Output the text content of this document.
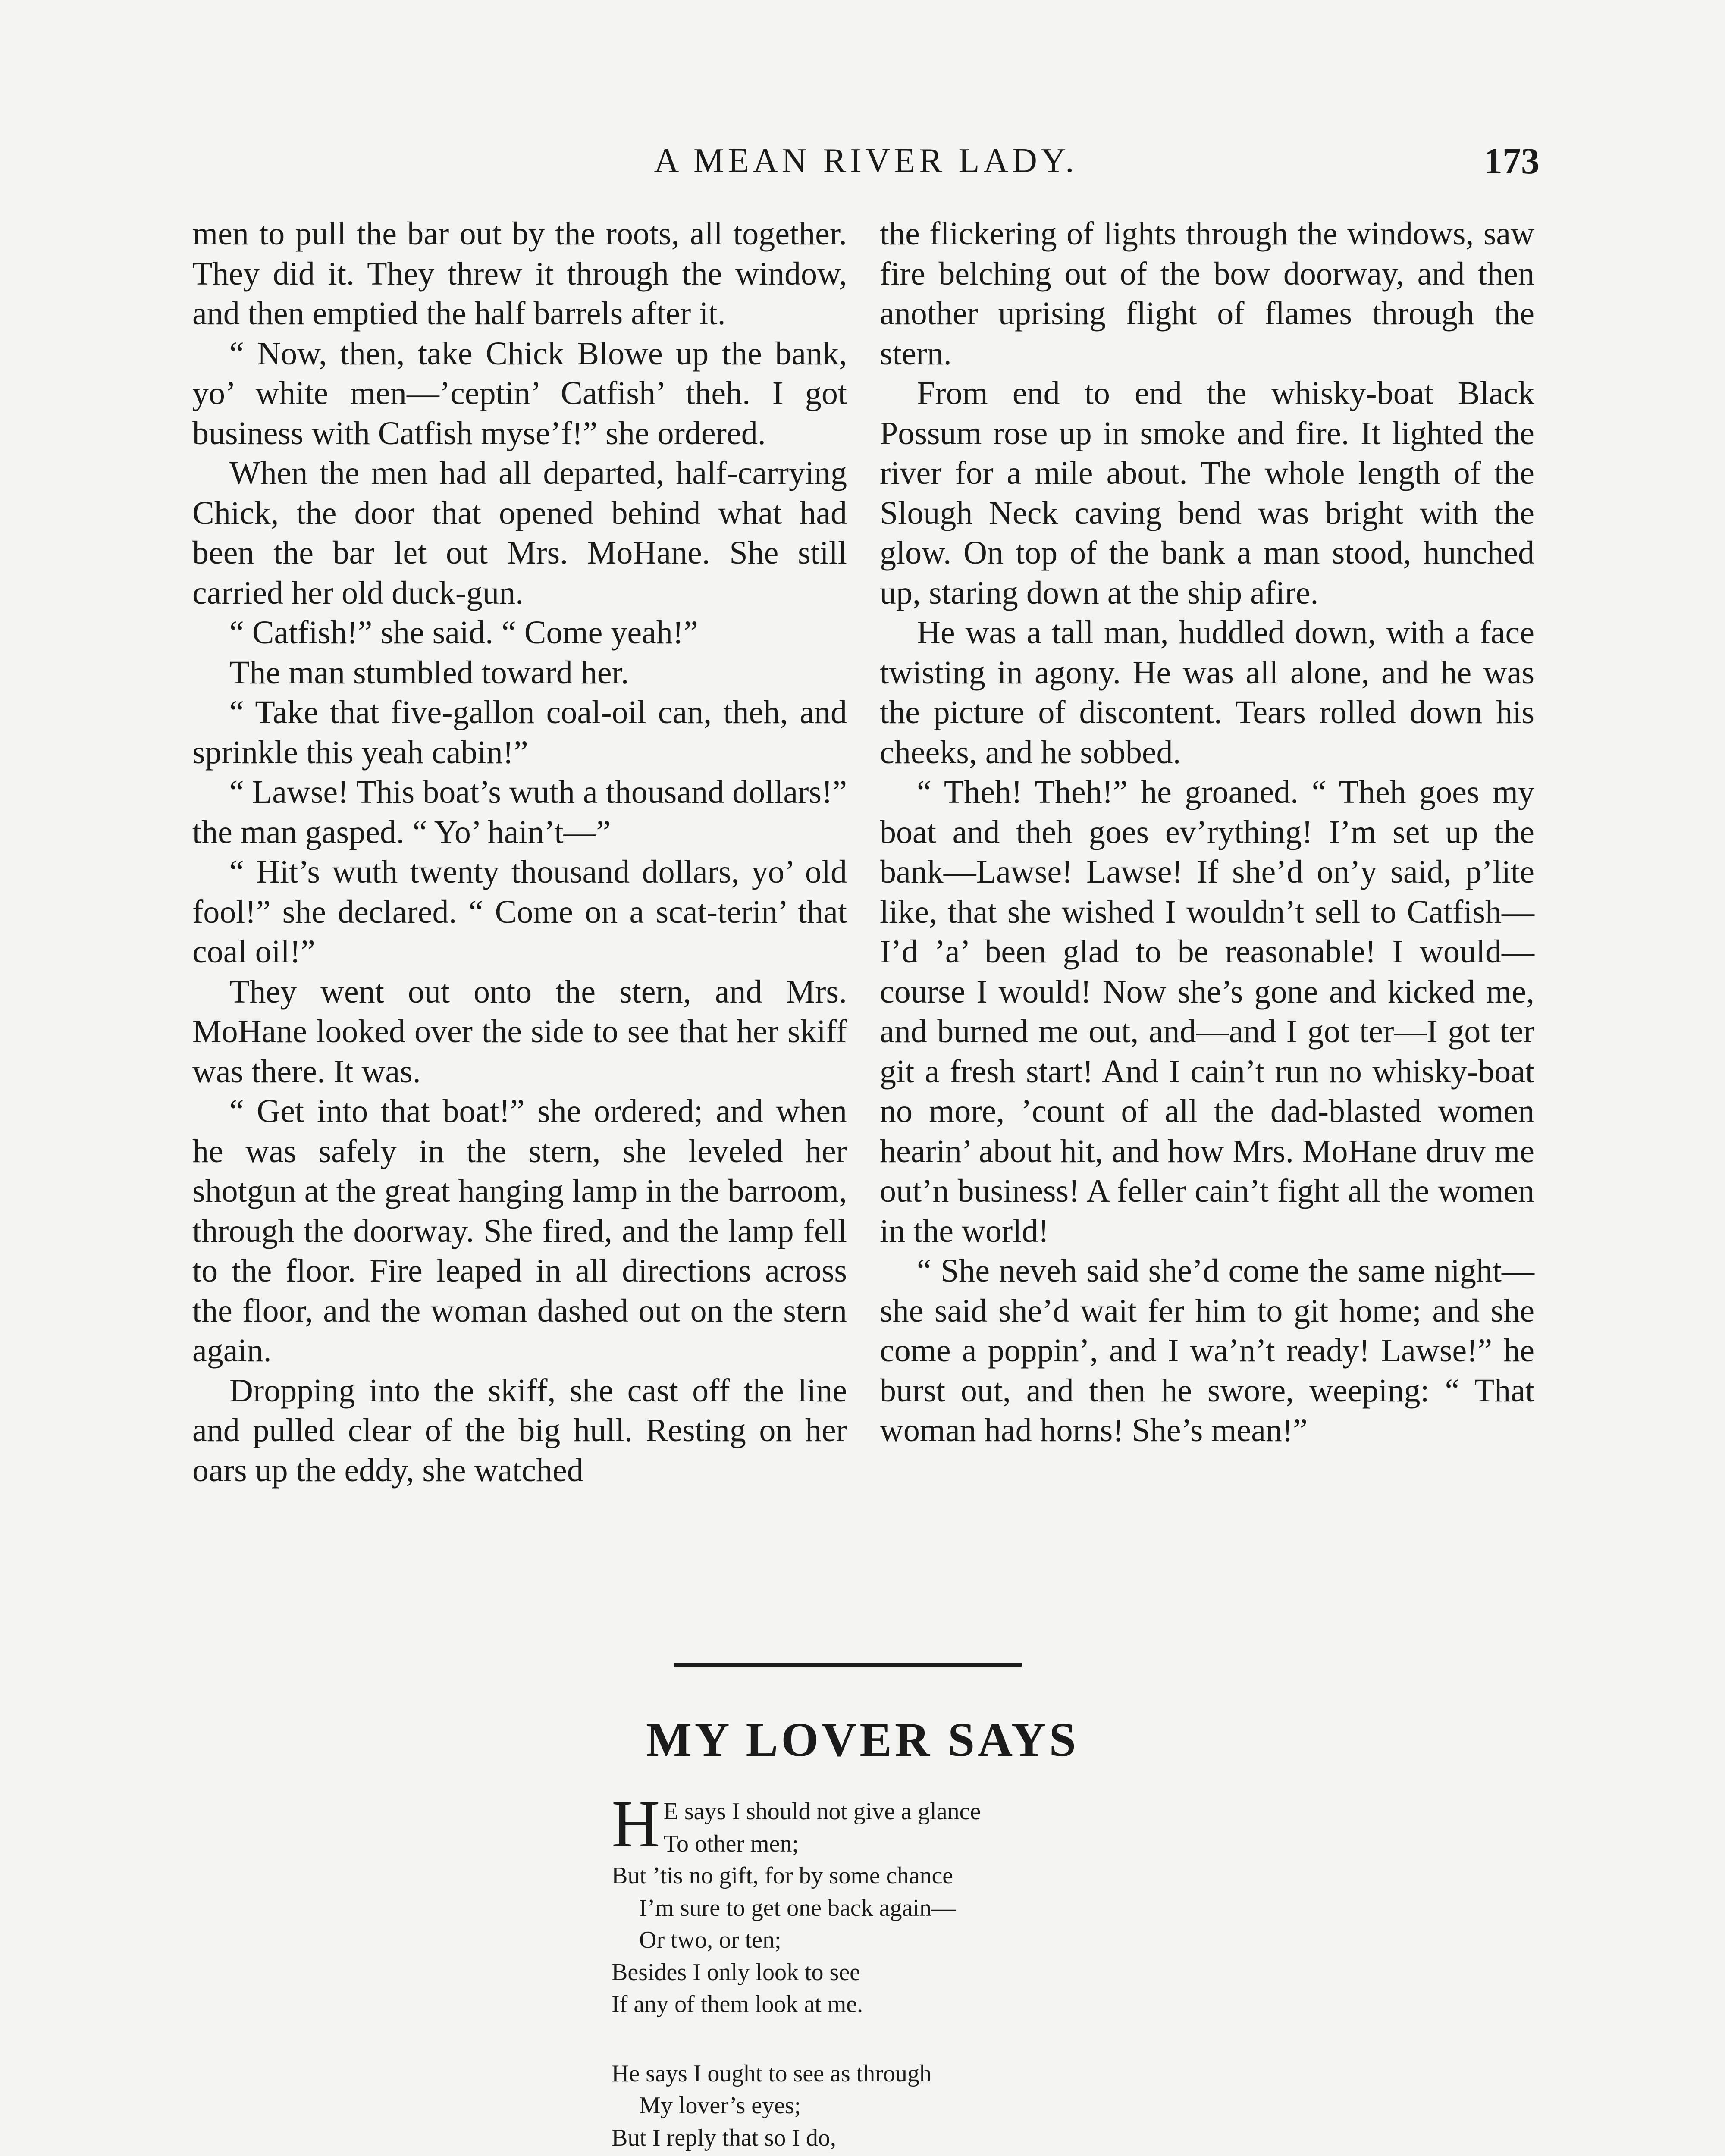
A MEAN RIVER LADY.	173

men to pull the bar out by the roots, all together. They did it. They threw it through the window, and then emptied the half barrels after it.

“ Now, then, take Chick Blowe up the bank, yo’ white men—’ceptin’ Catfish’ theh. I got business with Catfish myse’f!” she ordered.

When the men had all departed, half-carrying Chick, the door that opened behind what had been the bar let out Mrs. MoHane. She still carried her old duck-gun.

“ Catfish!” she said. “ Come yeah!”

The man stumbled toward her.

“ Take that five-gallon coal-oil can, theh, and sprinkle this yeah cabin!”

“ Lawse! This boat’s wuth a thousand dollars!” the man gasped. “ Yo’ hain’t—”

“ Hit’s wuth twenty thousand dollars, yo’ old fool!” she declared. “ Come on a scat-terin’ that coal oil!”

They went out onto the stern, and Mrs. MoHane looked over the side to see that her skiff was there. It was.

“ Get into that boat!” she ordered; and when he was safely in the stern, she leveled her shotgun at the great hanging lamp in the barroom, through the doorway. She fired, and the lamp fell to the floor. Fire leaped in all directions across the floor, and the woman dashed out on the stern again.

Dropping into the skiff, she cast off the line and pulled clear of the big hull. Resting on her oars up the eddy, she watched

the flickering of lights through the windows, saw fire belching out of the bow doorway, and then another uprising flight of flames through the stern.

From end to end the whisky-boat Black Possum rose up in smoke and fire. It lighted the river for a mile about. The whole length of the Slough Neck caving bend was bright with the glow. On top of the bank a man stood, hunched up, staring down at the ship afire.

He was a tall man, huddled down, with a face twisting in agony. He was all alone, and he was the picture of discontent. Tears rolled down his cheeks, and he sobbed.

“ Theh! Theh!” he groaned. “ Theh goes my boat and theh goes ev’rything! I’m set up the bank—Lawse! Lawse! If she’d on’y said, p’lite like, that she wished I wouldn’t sell to Catfish—I’d ’a’ been glad to be reasonable! I would—course I would! Now she’s gone and kicked me, and burned me out, and—and I got ter—I got ter git a fresh start! And I cain’t run no whisky-boat no more, ’count of all the dad-blasted women hearin’ about hit, and how Mrs. MoHane druv me out’n business! A feller cain’t fight all the women in the world!

“ She neveh said she’d come the same night—she said she’d wait fer him to git home; and she come a poppin’, and I wa’n’t ready! Lawse!” he burst out, and then he swore, weeping: “ That woman had horns! She’s mean!”

MY LOVER SAYS
H E says I should not give a glance
To other men;
But ’tis no gift, for by some chance
I’m sure to get one back again—
Or two, or ten;
Besides I only look to see
If any of them look at me.
He says I ought to see as through
My lover’s eyes;
But I reply that so I do,
